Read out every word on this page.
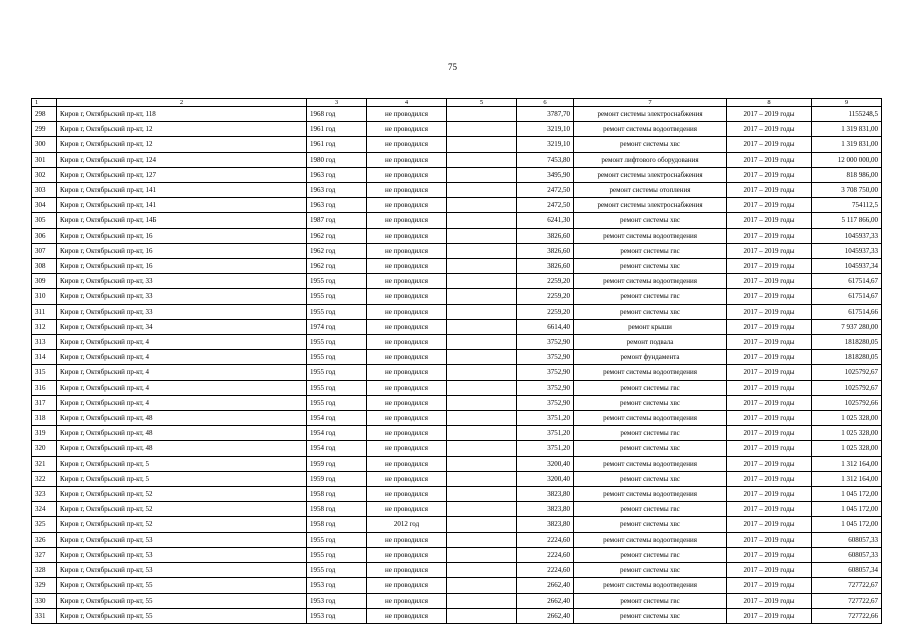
75
1	2	3	4	5	6	7	8	9
298	Киров г, Октябрьский пр-кт, 118	1968 год	не проводился		3787,70	ремонт системы электроснабжения	2017 – 2019 годы	1155248,5
299	Киров г, Октябрьский пр-кт, 12	1961 год	не проводился		3219,10	ремонт системы водоотведения	2017 – 2019 годы	1 319 831,00
300	Киров г, Октябрьский пр-кт, 12	1961 год	не проводился		3219,10	ремонт системы хвс	2017 – 2019 годы	1 319 831,00
301	Киров г, Октябрьский пр-кт, 124	1980 год	не проводился		7453,80	ремонт лифтового оборудования	2017 – 2019 годы	12 000 000,00
302	Киров г, Октябрьский пр-кт, 127	1963 год	не проводился		3495,90	ремонт системы электроснабжения	2017 – 2019 годы	818 986,00
303	Киров г, Октябрьский пр-кт, 141	1963 год	не проводился		2472,50	ремонт системы отопления	2017 – 2019 годы	3 708 750,00
304	Киров г, Октябрьский пр-кт, 141	1963 год	не проводился		2472,50	ремонт системы электроснабжения	2017 – 2019 годы	754112,5
305	Киров г, Октябрьский пр-кт, 14Б	1987 год	не проводился		6241,30	ремонт системы хвс	2017 – 2019 годы	5 117 866,00
306	Киров г, Октябрьский пр-кт, 16	1962 год	не проводился		3826,60	ремонт системы водоотведения	2017 – 2019 годы	1045937,33
307	Киров г, Октябрьский пр-кт, 16	1962 год	не проводился		3826,60	ремонт системы гвс	2017 – 2019 годы	1045937,33
308	Киров г, Октябрьский пр-кт, 16	1962 год	не проводился		3826,60	ремонт системы хвс	2017 – 2019 годы	1045937,34
309	Киров г, Октябрьский пр-кт, 33	1955 год	не проводился		2259,20	ремонт системы водоотведения	2017 – 2019 годы	617514,67
310	Киров г, Октябрьский пр-кт, 33	1955 год	не проводился		2259,20	ремонт системы гвс	2017 – 2019 годы	617514,67
311	Киров г, Октябрьский пр-кт, 33	1955 год	не проводился		2259,20	ремонт системы хвс	2017 – 2019 годы	617514,66
312	Киров г, Октябрьский пр-кт, 34	1974 год	не проводился		6614,40	ремонт крыши	2017 – 2019 годы	7 937 280,00
313	Киров г, Октябрьский пр-кт, 4	1955 год	не проводился		3752,90	ремонт подвала	2017 – 2019 годы	1818280,05
314	Киров г, Октябрьский пр-кт, 4	1955 год	не проводился		3752,90	ремонт фундамента	2017 – 2019 годы	1818280,05
315	Киров г, Октябрьский пр-кт, 4	1955 год	не проводился		3752,90	ремонт системы водоотведения	2017 – 2019 годы	1025792,67
316	Киров г, Октябрьский пр-кт, 4	1955 год	не проводился		3752,90	ремонт системы гвс	2017 – 2019 годы	1025792,67
317	Киров г, Октябрьский пр-кт, 4	1955 год	не проводился		3752,90	ремонт системы хвс	2017 – 2019 годы	1025792,66
318	Киров г, Октябрьский пр-кт, 48	1954 год	не проводился		3751,20	ремонт системы водоотведения	2017 – 2019 годы	1 025 328,00
319	Киров г, Октябрьский пр-кт, 48	1954 год	не проводился		3751,20	ремонт системы гвс	2017 – 2019 годы	1 025 328,00
320	Киров г, Октябрьский пр-кт, 48	1954 год	не проводился		3751,20	ремонт системы хвс	2017 – 2019 годы	1 025 328,00
321	Киров г, Октябрьский пр-кт, 5	1959 год	не проводился		3200,40	ремонт системы водоотведения	2017 – 2019 годы	1 312 164,00
322	Киров г, Октябрьский пр-кт, 5	1959 год	не проводился		3200,40	ремонт системы хвс	2017 – 2019 годы	1 312 164,00
323	Киров г, Октябрьский пр-кт, 52	1958 год	не проводился		3823,80	ремонт системы водоотведения	2017 – 2019 годы	1 045 172,00
324	Киров г, Октябрьский пр-кт, 52	1958 год	не проводился		3823,80	ремонт системы гвс	2017 – 2019 годы	1 045 172,00
325	Киров г, Октябрьский пр-кт, 52	1958 год	2012 год		3823,80	ремонт системы хвс	2017 – 2019 годы	1 045 172,00
326	Киров г, Октябрьский пр-кт, 53	1955 год	не проводился		2224,60	ремонт системы водоотведения	2017 – 2019 годы	608057,33
327	Киров г, Октябрьский пр-кт, 53	1955 год	не проводился		2224,60	ремонт системы гвс	2017 – 2019 годы	608057,33
328	Киров г, Октябрьский пр-кт, 53	1955 год	не проводился		2224,60	ремонт системы хвс	2017 – 2019 годы	608057,34
329	Киров г, Октябрьский пр-кт, 55	1953 год	не проводился		2662,40	ремонт системы водоотведения	2017 – 2019 годы	727722,67
330	Киров г, Октябрьский пр-кт, 55	1953 год	не проводился		2662,40	ремонт системы гвс	2017 – 2019 годы	727722,67
331	Киров г, Октябрьский пр-кт, 55	1953 год	не проводился		2662,40	ремонт системы хвс	2017 – 2019 годы	727722,66
